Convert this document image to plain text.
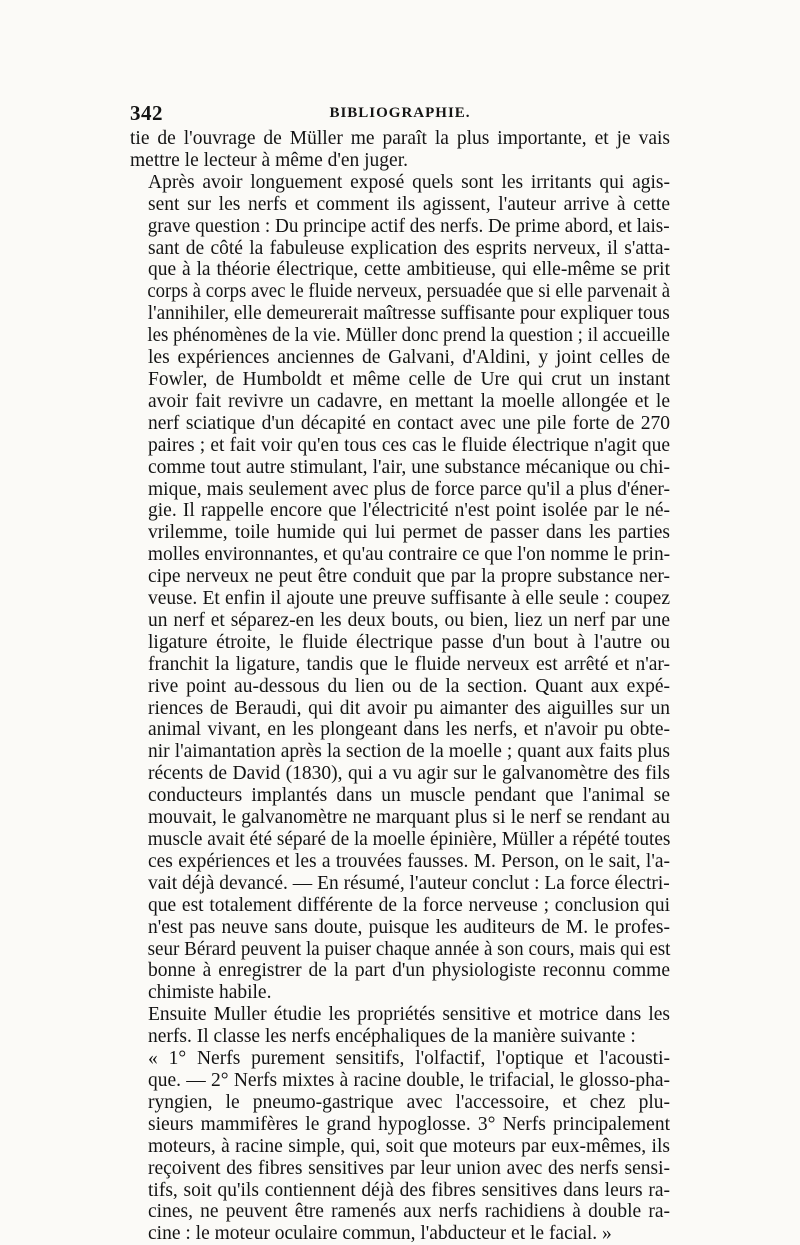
342	BIBLIOGRAPHIE.

tie de l'ouvrage de Müller me paraît la plus importante, et je vais
mettre le lecteur à même d'en juger.

Après avoir longuement exposé quels sont les irritants qui agis-
sent sur les nerfs et comment ils agissent, l'auteur arrive à cette
grave question : Du principe actif des nerfs. De prime abord, et lais-
sant de côté la fabuleuse explication des esprits nerveux, il s'atta-
que à la théorie électrique, cette ambitieuse, qui elle-même se prit
corps à corps avec le fluide nerveux, persuadée que si elle parvenait à
l'annihiler, elle demeurerait maîtresse suffisante pour expliquer tous
les phénomènes de la vie. Müller donc prend la question ; il accueille
les expériences anciennes de Galvani, d'Aldini, y joint celles de
Fowler, de Humboldt et même celle de Ure qui crut un instant
avoir fait revivre un cadavre, en mettant la moelle allongée et le
nerf sciatique d'un décapité en contact avec une pile forte de 270
paires ; et fait voir qu'en tous ces cas le fluide électrique n'agit que
comme tout autre stimulant, l'air, une substance mécanique ou chi-
mique, mais seulement avec plus de force parce qu'il a plus d'éner-
gie. Il rappelle encore que l'électricité n'est point isolée par le né-
vrilemme, toile humide qui lui permet de passer dans les parties
molles environnantes, et qu'au contraire ce que l'on nomme le prin-
cipe nerveux ne peut être conduit que par la propre substance ner-
veuse. Et enfin il ajoute une preuve suffisante à elle seule : coupez
un nerf et séparez-en les deux bouts, ou bien, liez un nerf par une
ligature étroite, le fluide électrique passe d'un bout à l'autre ou
franchit la ligature, tandis que le fluide nerveux est arrêté et n'ar-
rive point au-dessous du lien ou de la section. Quant aux expé-
riences de Beraudi, qui dit avoir pu aimanter des aiguilles sur un
animal vivant, en les plongeant dans les nerfs, et n'avoir pu obte-
nir l'aimantation après la section de la moelle ; quant aux faits plus
récents de David (1830), qui a vu agir sur le galvanomètre des fils
conducteurs implantés dans un muscle pendant que l'animal se
mouvait, le galvanomètre ne marquant plus si le nerf se rendant au
muscle avait été séparé de la moelle épinière, Müller a répété toutes
ces expériences et les a trouvées fausses. M. Person, on le sait, l'a-
vait déjà devancé. — En résumé, l'auteur conclut : La force électri-
que est totalement différente de la force nerveuse ; conclusion qui
n'est pas neuve sans doute, puisque les auditeurs de M. le profes-
seur Bérard peuvent la puiser chaque année à son cours, mais qui est
bonne à enregistrer de la part d'un physiologiste reconnu comme
chimiste habile.

Ensuite Muller étudie les propriétés sensitive et motrice dans les
nerfs. Il classe les nerfs encéphaliques de la manière suivante :

« 1° Nerfs purement sensitifs, l'olfactif, l'optique et l'acousti-
que. — 2° Nerfs mixtes à racine double, le trifacial, le glosso-pha-
ryngien, le pneumo-gastrique avec l'accessoire, et chez plu-
sieurs mammifères le grand hypoglosse. 3° Nerfs principalement
moteurs, à racine simple, qui, soit que moteurs par eux-mêmes, ils
reçoivent des fibres sensitives par leur union avec des nerfs sensi-
tifs, soit qu'ils contiennent déjà des fibres sensitives dans leurs ra-
cines, ne peuvent être ramenés aux nerfs rachidiens à double ra-
cine : le moteur oculaire commun, l'abducteur et le facial. »
